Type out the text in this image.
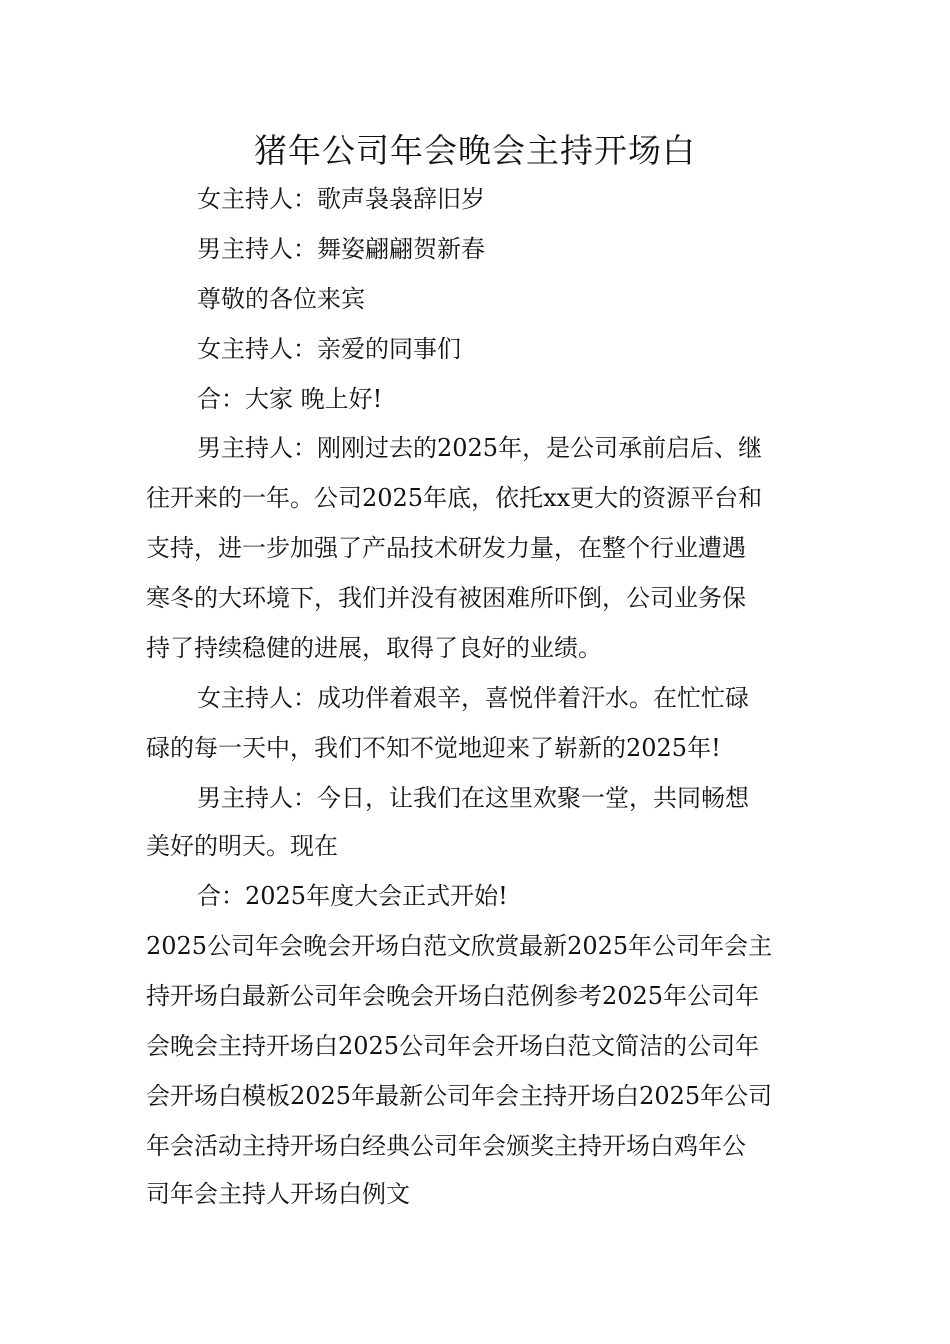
猪年公司年会晚会主持开场白

女主持人：歌声袅袅辞旧岁

男主持人：舞姿翩翩贺新春

尊敬的各位来宾

女主持人：亲爱的同事们

合：大家 晚上好!

男主持人：刚刚过去的2025年，是公司承前启后、继

往开来的一年。公司2025年底，依托xx更大的资源平台和

支持，进一步加强了产品技术研发力量，在整个行业遭遇

寒冬的大环境下，我们并没有被困难所吓倒，公司业务保

持了持续稳健的进展，取得了良好的业绩。

女主持人：成功伴着艰辛，喜悦伴着汗水。在忙忙碌

碌的每一天中，我们不知不觉地迎来了崭新的2025年!

男主持人：今日，让我们在这里欢聚一堂，共同畅想

美好的明天。现在

合：2025年度大会正式开始!

2025公司年会晚会开场白范文欣赏最新2025年公司年会主

持开场白最新公司年会晚会开场白范例参考2025年公司年

会晚会主持开场白2025公司年会开场白范文简洁的公司年

会开场白模板2025年最新公司年会主持开场白2025年公司

年会活动主持开场白经典公司年会颁奖主持开场白鸡年公

司年会主持人开场白例文
